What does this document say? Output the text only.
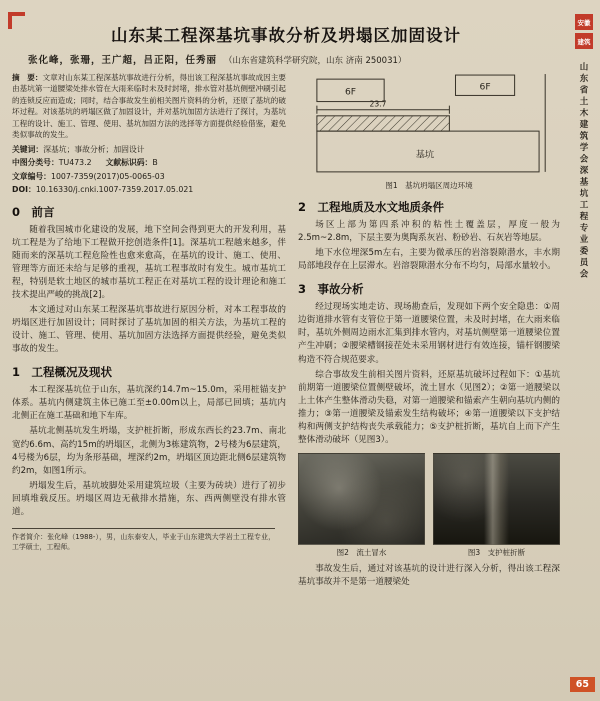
山东某工程深基坑事故分析及坍塌区加固设计
张化峰，张珊，王广超，吕正阳，任秀丽 （山东省建筑科学研究院，山东 济南 250031）

摘　要：文章对山东某工程深基坑事故进行分析，得出该工程深基坑事故成因主要由基坑第一道腰梁处排水管在大雨来临时未及时封堵，排水管对基坑侧壁冲刷引起的连锁反应而造成；同时，结合事故发生前相关图片资料的分析，还原了基坑的破坏过程。对该基坑的坍塌区做了加固设计，并对基坑加固方法进行了探讨，为基坑工程的设计、施工、管理、使用、基坑加固方法的选择等方面提供经验借鉴，避免类似事故的发生。

关键词：深基坑；事故分析；加固设计

中图分类号：TU473.2 文献标识码：B

文章编号：1007-7359(2017)05-0065-03

DOI：10.16330/j.cnki.1007-7359.2017.05.021

0　前言

随着我国城市化建设的发展，地下空间会得到更大的开发利用，基坑工程是为了给地下工程做开挖创造条件[1]。深基坑工程越来越多，伴随而来的深基坑工程危险性也愈来愈高，在基坑的设计、施工、使用、管理等方面还未给与足够的重视，基坑工程事故时有发生。城市基坑工程，特别是软土地区的城市基坑工程正在对基坑工程的设计理论和施工技术提出严峻的挑战[2]。

本文通过对山东某工程深基坑事故进行原因分析，对本工程事故的坍塌区进行加固设计；同时探讨了基坑加固的相关方法，为基坑工程的设计、施工、管理、使用、基坑加固方法选择方面提供经验，避免类似事故的发生。

1　工程概况及现状

本工程深基坑位于山东，基坑深约14.7m~15.0m，采用桩锚支护体系。基坑内侧建筑主体已施工至±0.00m以上，局部已回填；基坑内北侧正在施工基础和地下车库。

基坑北侧基坑发生坍塌，支护桩折断，形成东西长约23.7m、南北宽约6.6m、高约15m的坍塌区，北侧为3栋建筑物，2号楼为6层建筑，4号楼为6层，均为条形基础，埋深约2m，坍塌区顶边距北侧6层建筑物约2m，如图1所示。

坍塌发生后，基坑坡脚处采用建筑垃圾（主要为砖块）进行了初步回填堆载反压。坍塌区周边无截排水措施，东、西两侧壁没有排水管道。

作者简介：张化峰（1988-），男，山东泰安人，毕业于山东建筑大学岩土工程专业，工学硕士，工程师。
6F	6F
23.7
基坑
图1　基坑坍塌区周边环境
2　工程地质及水文地质条件

场区上部为第四系冲积的粘性土覆盖层，厚度一般为2.5m~2.8m，下层主要为奥陶系灰岩、粉砂岩、石灰岩等地层。

地下水位埋深5m左右，主要为微承压的岩溶裂隙潜水，丰水期局部地段存在上层滞水。岩溶裂隙潜水分布不均匀，局部水量较小。

3　事故分析

经过现场实地走访、现场勘查后，发现如下两个安全隐患：①周边街道排水管有支管位于第一道腰梁位置，未及时封堵，在大雨来临时，基坑外侧周边雨水汇集到排水管内，对基坑侧壁第一道腰梁位置产生冲刷；②腰梁槽钢接茬处未采用钢材进行有效连接，锚杆钢腰梁构造不符合规范要求。

综合事故发生前相关图片资料，还原基坑破坏过程如下：①基坑前期第一道腰梁位置侧壁破坏，流土冒水（见图2）；②第一道腰梁以上土体产生整体滑动失稳，对第一道腰梁和锚索产生朝向基坑内侧的推力；③第一道腰梁及锚索发生结构破坏；④第一道腰梁以下支护结构和两侧支护结构丧失承载能力；⑤支护桩折断，基坑自上而下产生整体滑动破坏（见图3）。

图2　流土冒水	图3　支护桩折断

事故发生后，通过对该基坑的设计进行深入分析，得出该工程深基坑事故并不是第一道腰梁处

安徽
建筑
山东省土木建筑学会深基坑工程专业委员会
65
